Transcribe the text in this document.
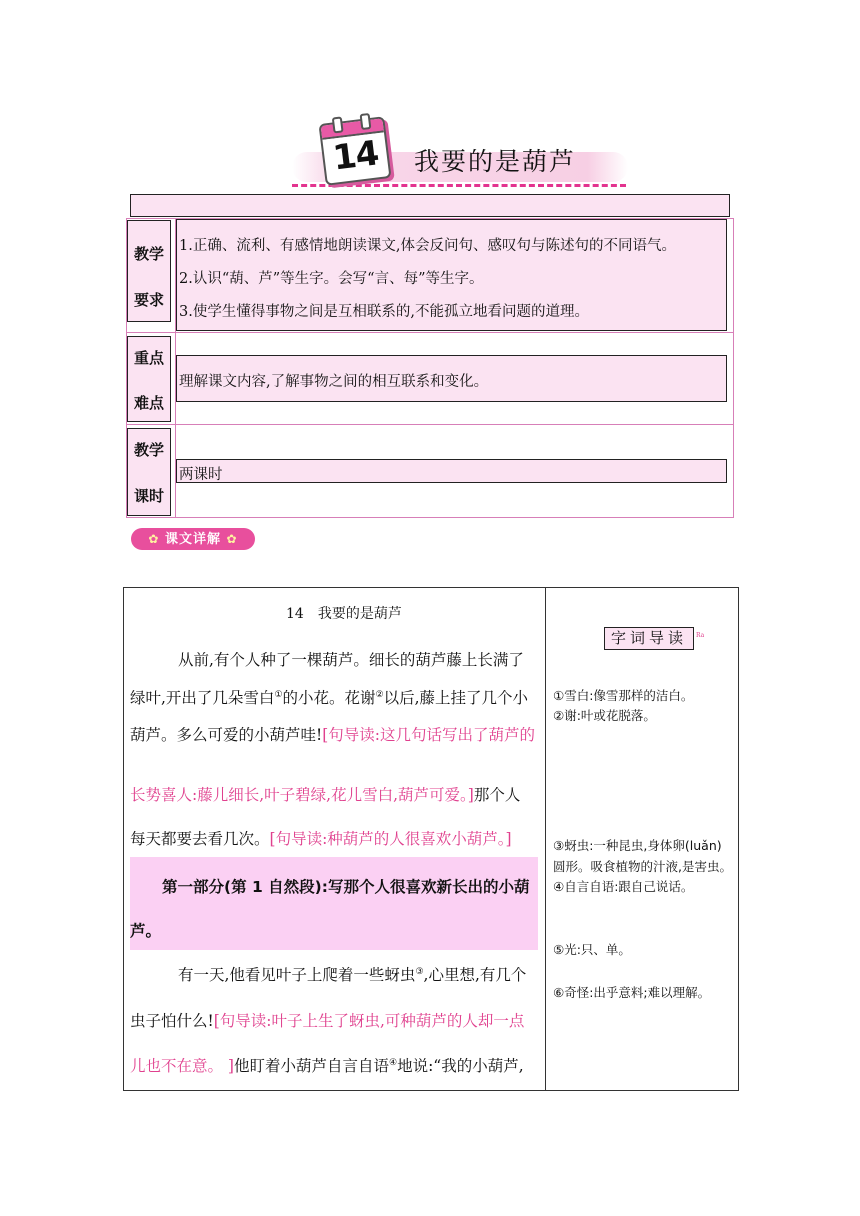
14	我要的是葫芦
教学
要求
1.正确、流利、有感情地朗读课文,体会反问句、感叹句与陈述句的不同语气。
2.认识“葫、芦”等生字。会写“言、每”等生字。
3.使学生懂得事物之间是互相联系的,不能孤立地看问题的道理。
重点
难点
理解课文内容,了解事物之间的相互联系和变化。
教学
课时
两课时
✿ 课文详解 ✿
14　我要的是葫芦
从前,有个人种了一棵葫芦。细长的葫芦藤上长满了
绿叶,开出了几朵雪白①的小花。花谢②以后,藤上挂了几个小
葫芦。多么可爱的小葫芦哇![句导读:这几句话写出了葫芦的
长势喜人:藤儿细长,叶子碧绿,花儿雪白,葫芦可爱。]那个人
每天都要去看几次。[句导读:种葫芦的人很喜欢小葫芦。]
第一部分(第 1 自然段):写那个人很喜欢新长出的小葫
芦。
有一天,他看见叶子上爬着一些蚜虫③,心里想,有几个
虫子怕什么![句导读:叶子上生了蚜虫,可种葫芦的人却一点
儿也不在意。 ]他盯着小葫芦自言自语④地说:“我的小葫芦,
字词导读	Ra
①雪白:像雪那样的洁白。
②谢:叶或花脱落。
③蚜虫:一种昆虫,身体卵(luǎn)
圆形。吸食植物的汁液,是害虫。
④自言自语:跟自己说话。
⑤光:只、单。
⑥奇怪:出乎意料;难以理解。
